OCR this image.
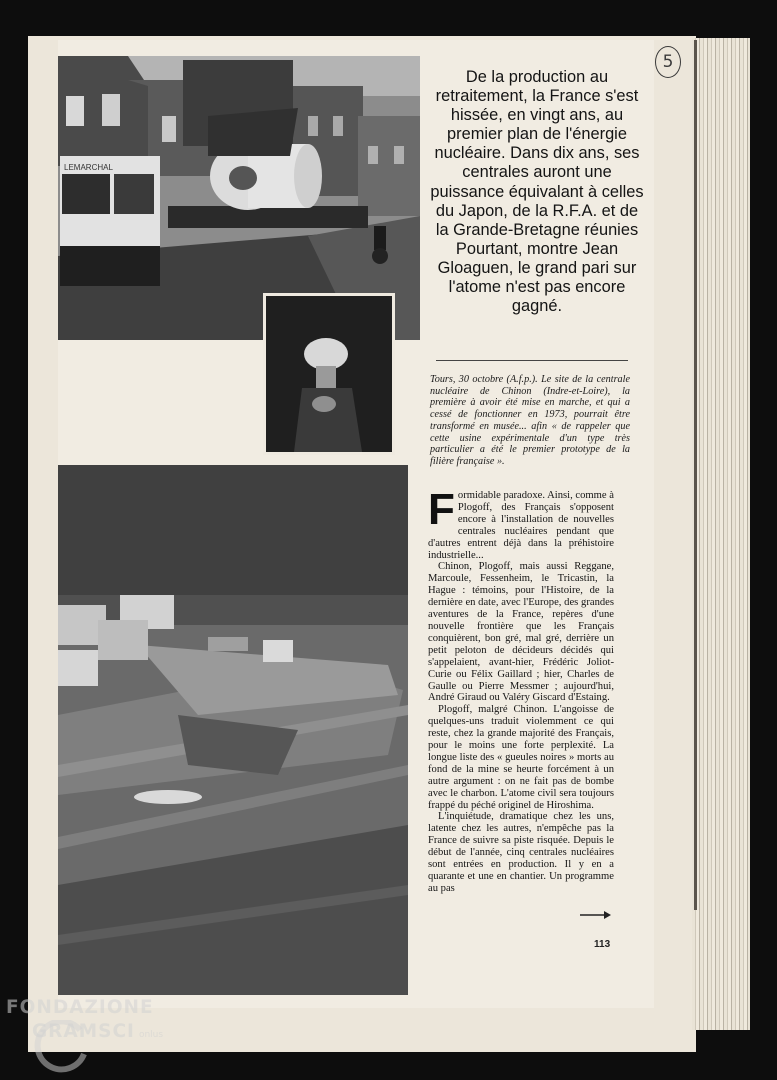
5
LEMARCHAL
De la production au retraitement, la France s'est hissée, en vingt ans, au premier plan de l'énergie nucléaire. Dans dix ans, ses centrales auront une puissance équivalant à celles du Japon, de la R.F.A. et de la Grande-Bretagne réunies Pourtant, montre Jean Gloaguen, le grand pari sur l'atome n'est pas encore gagné.

Tours, 30 octobre (A.f.p.). Le site de la centrale nucléaire de Chinon (Indre-et-Loire), la première à avoir été mise en marche, et qui a cessé de fonctionner en 1973, pourrait être transformé en musée... afin « de rappeler que cette usine expérimentale d'un type très particulier a été le premier prototype de la filière française ».

Formidable paradoxe. Ainsi, comme à Plogoff, des Français s'opposent encore à l'installation de nouvelles centrales nucléaires pendant que d'autres entrent déjà dans la préhistoire industrielle...

Chinon, Plogoff, mais aussi Reggane, Marcoule, Fessenheim, le Tricastin, la Hague : témoins, pour l'Histoire, de la dernière en date, avec l'Europe, des grandes aventures de la France, repères d'une nouvelle frontière que les Français conquièrent, bon gré, mal gré, derrière un petit peloton de décideurs décidés qui s'appelaient, avant-hier, Frédéric Joliot-Curie ou Félix Gaillard ; hier, Charles de Gaulle ou Pierre Messmer ; aujourd'hui, André Giraud ou Valéry Giscard d'Estaing.

Plogoff, malgré Chinon. L'angoisse de quelques-uns traduit violemment ce qui reste, chez la grande majorité des Français, pour le moins une forte perplexité. La longue liste des « gueules noires » morts au fond de la mine se heurte forcément à un autre argument : on ne fait pas de bombe avec le charbon. L'atome civil sera toujours frappé du péché originel de Hiroshima.

L'inquiétude, dramatique chez les uns, latente chez les autres, n'empêche pas la France de suivre sa piste risquée. Depuis le début de l'année, cinq centrales nucléaires sont entrées en production. Il y en a quarante et une en chantier. Un programme au pas

113
FONDAZIONE
GRAMSCI onlus
